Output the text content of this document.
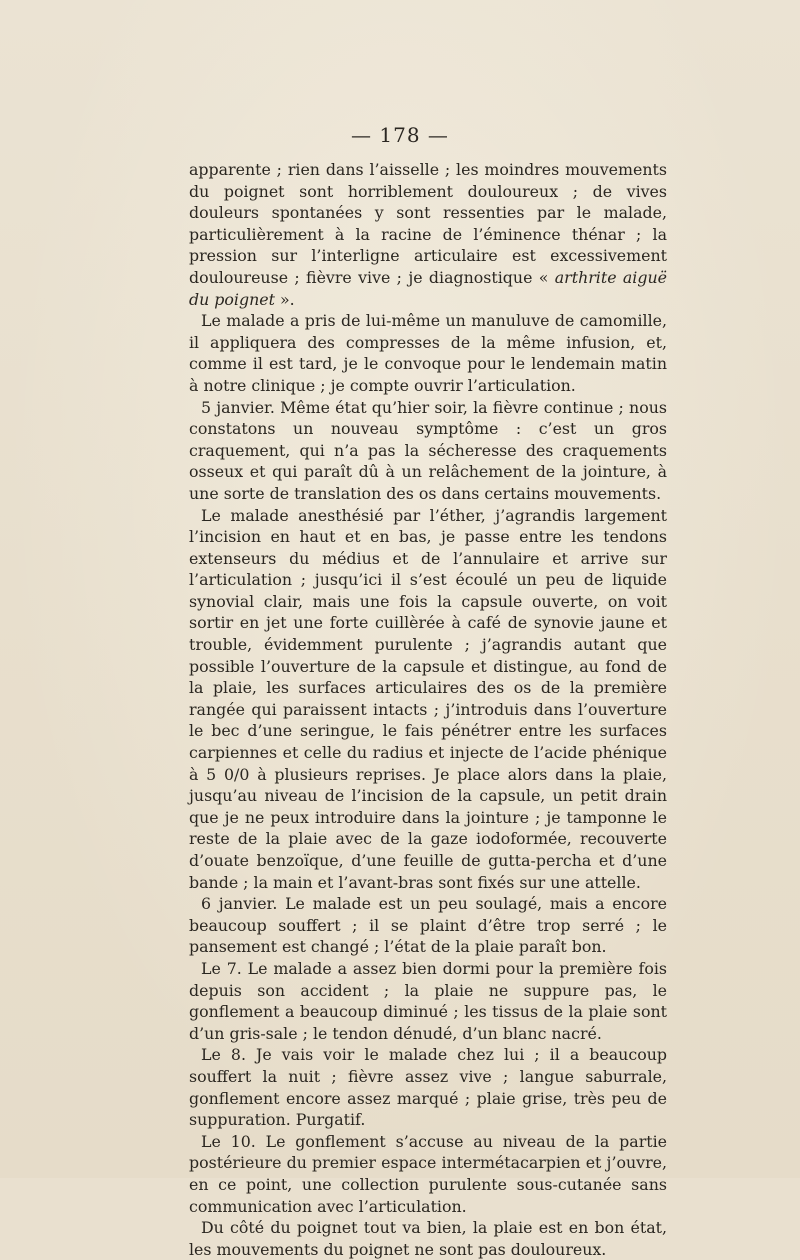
— 178 —

apparente ; rien dans l’aisselle ; les moindres mouvements du poignet sont horriblement douloureux ; de vives douleurs spontanées y sont ressenties par le malade, particulièrement à la racine de l’éminence thénar ; la pression sur l’interligne articulaire est excessivement douloureuse ; fièvre vive ; je diagnostique « arthrite aiguë du poignet ».

Le malade a pris de lui-même un manuluve de camomille, il appliquera des compresses de la même infusion, et, comme il est tard, je le convoque pour le lendemain matin à notre clinique ; je compte ouvrir l’articulation.

5 janvier. Même état qu’hier soir, la fièvre continue ; nous constatons un nouveau symptôme : c’est un gros craquement, qui n’a pas la sécheresse des craquements osseux et qui paraît dû à un relâchement de la jointure, à une sorte de translation des os dans certains mouvements.

Le malade anesthésié par l’éther, j’agrandis largement l’incision en haut et en bas, je passe entre les tendons extenseurs du médius et de l’annulaire et arrive sur l’articulation ; jusqu’ici il s’est écoulé un peu de liquide synovial clair, mais une fois la capsule ouverte, on voit sortir en jet une forte cuillèrée à café de synovie jaune et trouble, évidemment purulente ; j’agrandis autant que possible l’ouverture de la capsule et distingue, au fond de la plaie, les surfaces articulaires des os de la première rangée qui paraissent intacts ; j’introduis dans l’ouverture le bec d’une seringue, le fais pénétrer entre les surfaces carpiennes et celle du radius et injecte de l’acide phénique à 5 0/0 à plusieurs reprises. Je place alors dans la plaie, jusqu’au niveau de l’incision de la capsule, un petit drain que je ne peux introduire dans la jointure ; je tamponne le reste de la plaie avec de la gaze iodoformée, recouverte d’ouate benzoïque, d’une feuille de gutta-percha et d’une bande ; la main et l’avant-bras sont fixés sur une attelle.

6 janvier. Le malade est un peu soulagé, mais a encore beaucoup souffert ; il se plaint d’être trop serré ; le pansement est changé ; l’état de la plaie paraît bon.

Le 7. Le malade a assez bien dormi pour la première fois depuis son accident ; la plaie ne suppure pas, le gonflement a beaucoup diminué ; les tissus de la plaie sont d’un gris-sale ; le tendon dénudé, d’un blanc nacré.

Le 8. Je vais voir le malade chez lui ; il a beaucoup souffert la nuit ; fièvre assez vive ; langue saburrale, gonflement encore assez marqué ; plaie grise, très peu de suppuration. Purgatif.

Le 10. Le gonflement s’accuse au niveau de la partie postérieure du premier espace intermétacarpien et j’ouvre, en ce point, une collection purulente sous-cutanée sans communication avec l’articulation.

Du côté du poignet tout va bien, la plaie est en bon état, les mouvements du poignet ne sont pas douloureux.
